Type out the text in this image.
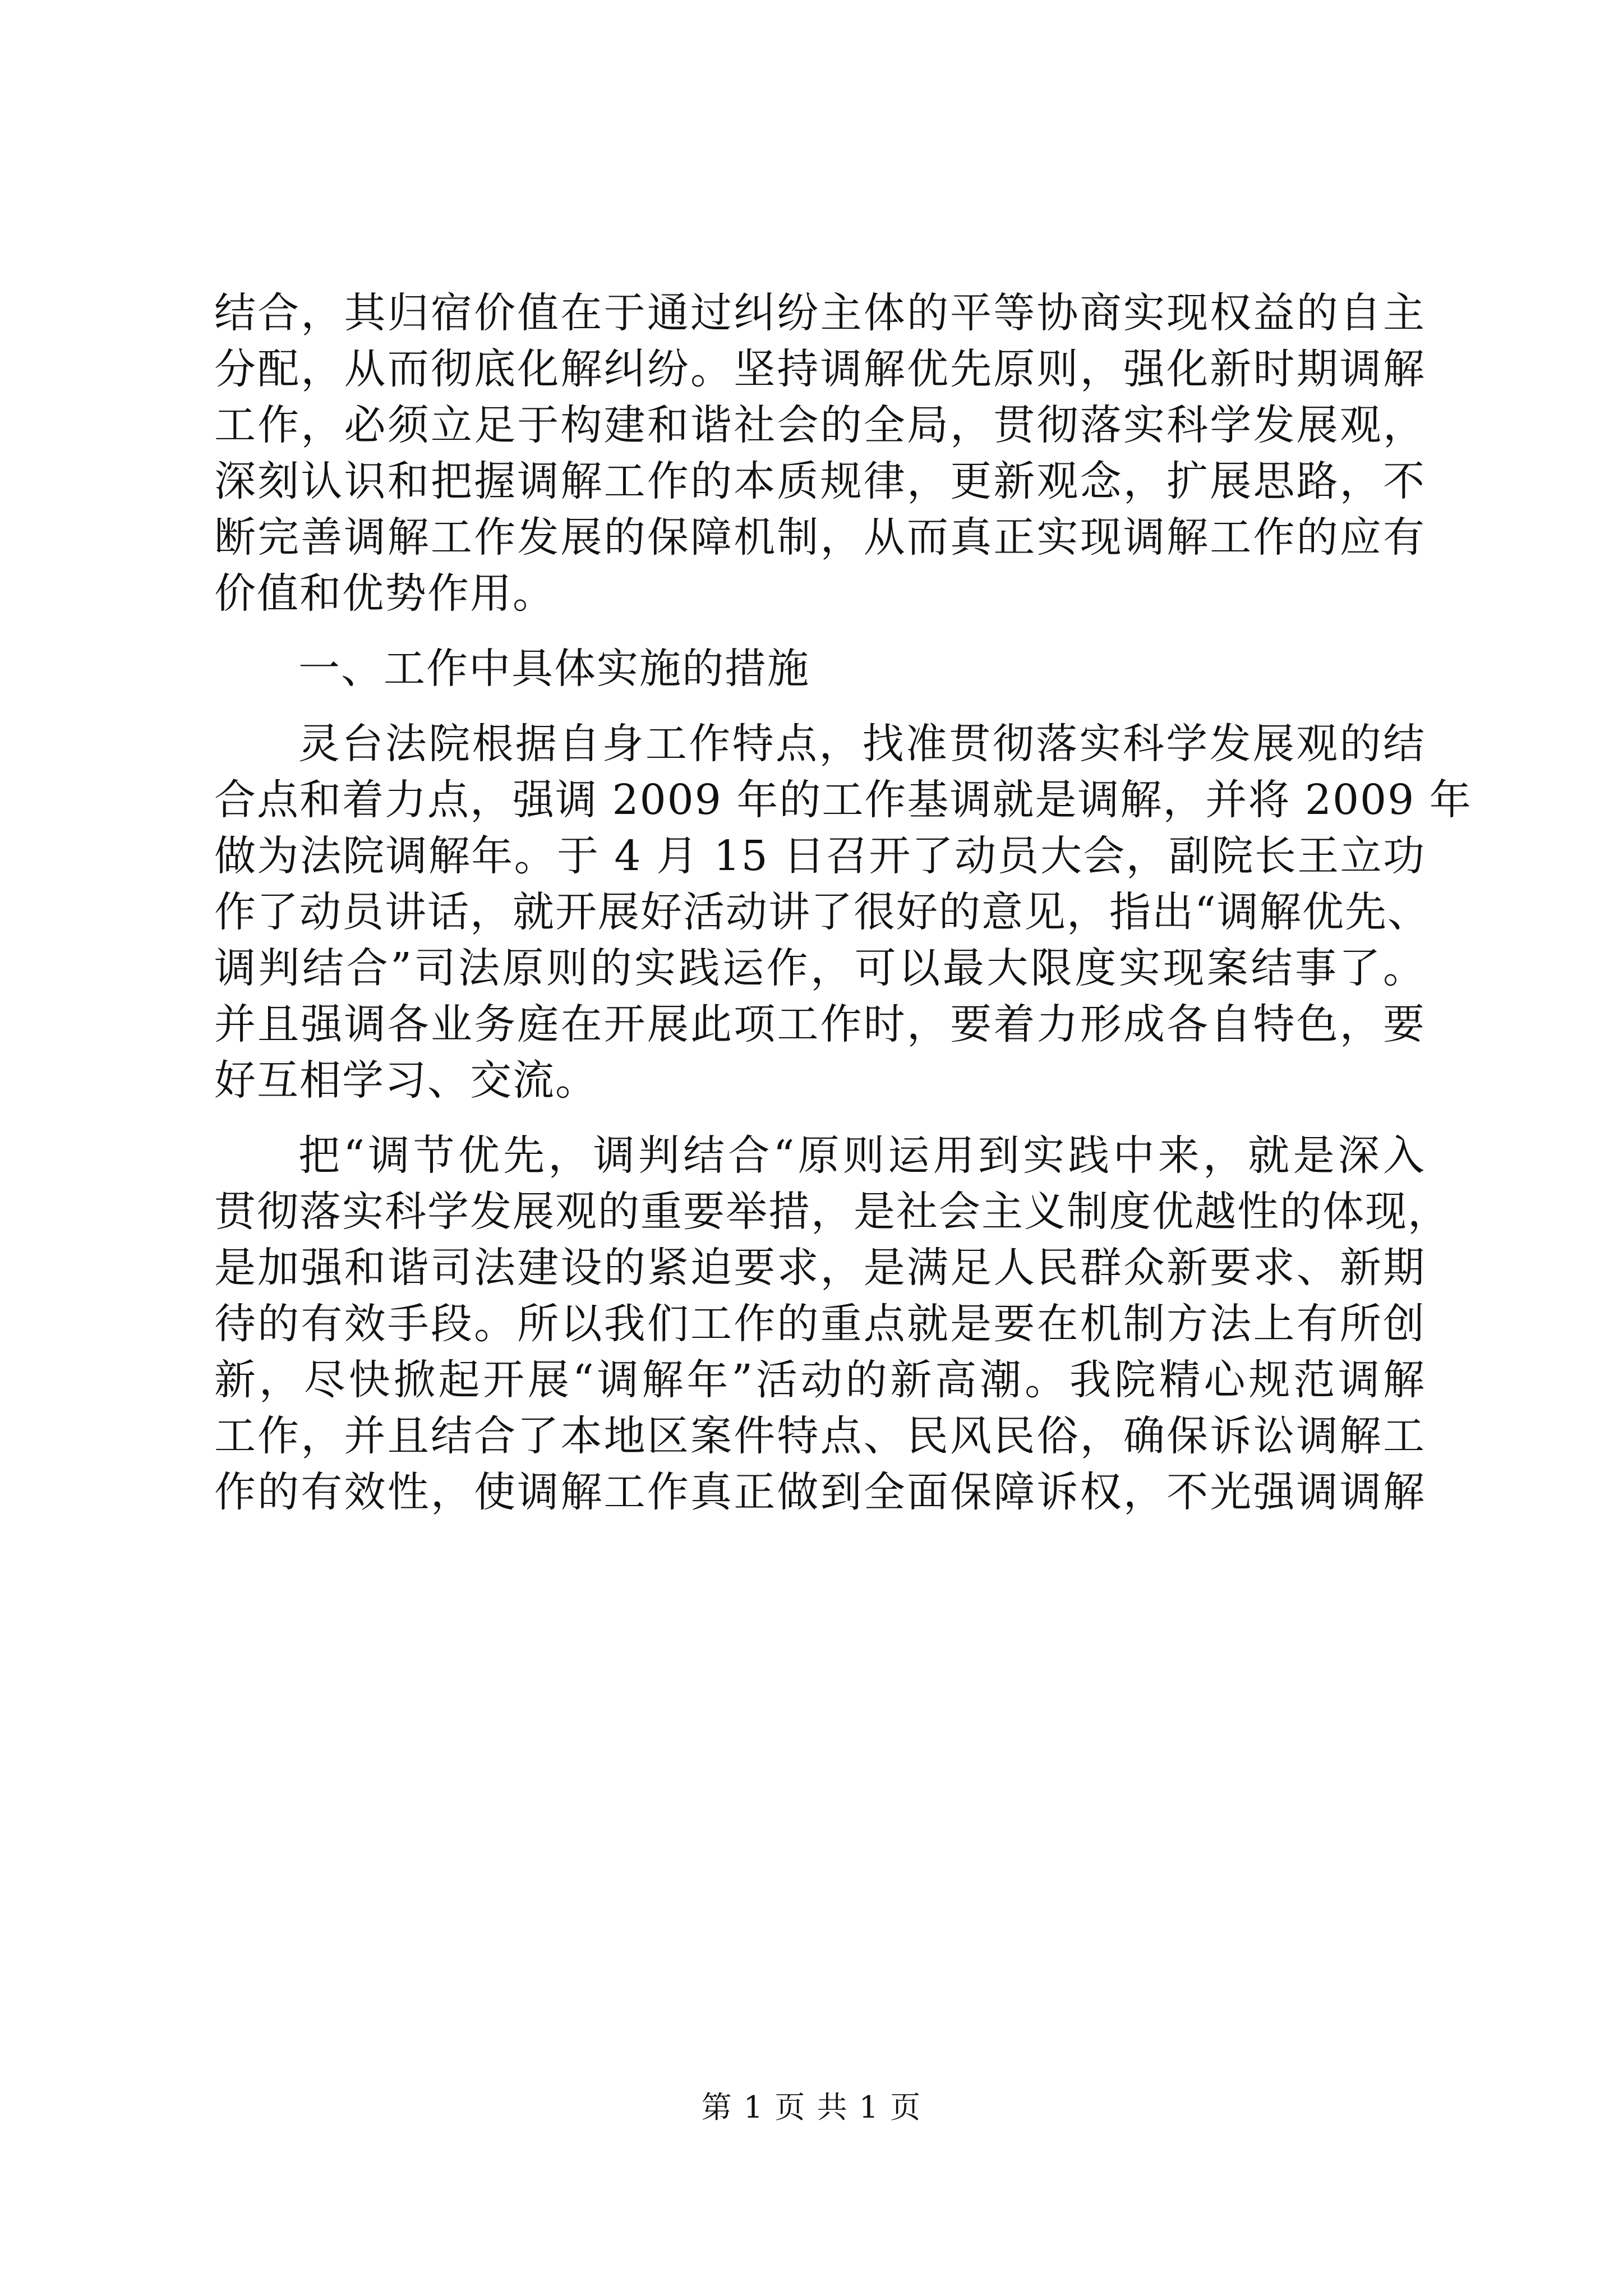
结合，其归宿价值在于通过纠纷主体的平等协商实现权益的自主
分配，从而彻底化解纠纷。坚持调解优先原则，强化新时期调解
工作，必须立足于构建和谐社会的全局，贯彻落实科学发展观，
深刻认识和把握调解工作的本质规律，更新观念，扩展思路，不
断完善调解工作发展的保障机制，从而真正实现调解工作的应有
价值和优势作用。
一、工作中具体实施的措施
灵台法院根据自身工作特点，找准贯彻落实科学发展观的结
合点和着力点，强调 2009 年的工作基调就是调解，并将 2009 年
做为法院调解年。于 4 月 15 日召开了动员大会，副院长王立功
作了动员讲话，就开展好活动讲了很好的意见，指出“调解优先、
调判结合”司法原则的实践运作，可以最大限度实现案结事了。
并且强调各业务庭在开展此项工作时，要着力形成各自特色，要
好互相学习、交流。
把“调节优先，调判结合“原则运用到实践中来，就是深入
贯彻落实科学发展观的重要举措，是社会主义制度优越性的体现，
是加强和谐司法建设的紧迫要求，是满足人民群众新要求、新期
待的有效手段。所以我们工作的重点就是要在机制方法上有所创
新，尽快掀起开展“调解年”活动的新高潮。我院精心规范调解
工作，并且结合了本地区案件特点、民风民俗，确保诉讼调解工
作的有效性，使调解工作真正做到全面保障诉权，不光强调调解
第 1 页 共 1 页
